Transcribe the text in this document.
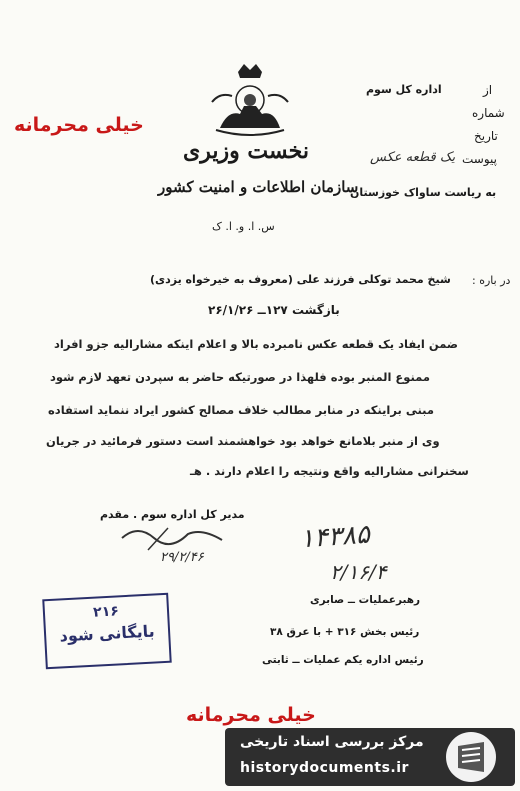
خیلی محرمانه
نخست وزیری
سازمان اطلاعات و امنیت کشور
س. ا. و. ا. ک
از
اداره کل سوم
شماره
تاریخ
پیوست
یک قطعه عکس
به ریاست ساواک خوزستان
در باره :
شیخ محمد توکلی فرزند علی (معروف به خیرخواه یزدی)
بازگشت ۱۲۷ــ ۲۶/۱/۲۶
ضمن ایفاد یک قطعه عکس نامبرده بالا و اعلام اینکه مشارالیه جزو افراد
ممنوع المنبر بوده فلهذا در صورتیکه حاضر به سپردن تعهد لازم شود
مبنی براینکه در منابر مطالب خلاف مصالح کشور ایراد ننماید استفاده
وی از منبر بلامانع خواهد بود خواهشمند است دستور فرمائید در جریان
سخنرانی مشارالیه واقع ونتیجه را اعلام دارند . هـ
مدیر کل اداره سوم . مقدم
۲۹/۲/۴۶
۱۴۳۸۵
۲/۱۶/۴
رهبرعملیات ــ صابری
رئیس بخش ۳۱۶ + با عرق ۳۸
رئیس اداره یکم عملیات ــ ثابتی
۲۱۶
بایگانی شود
خیلی محرمانه
مرکز بررسی اسناد تاریخی
historydocuments.ir
